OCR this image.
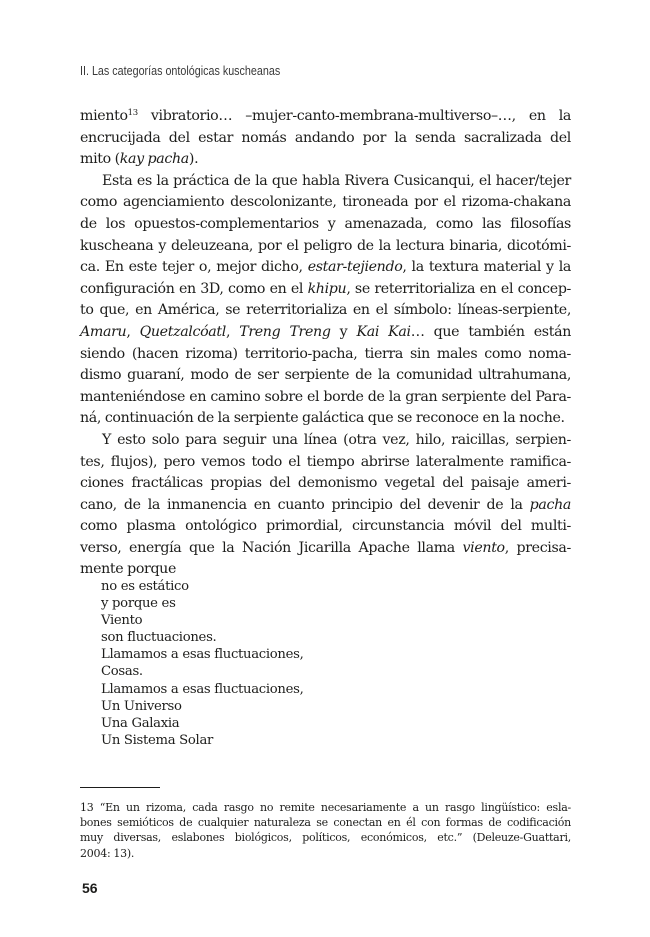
II. Las categorías ontológicas kuscheanas

miento$^{13}$ vibratorio… –mujer-canto-membrana-multiverso–…, en la
encrucijada del estar nomás andando por la senda sacralizada del
mito (kay pacha).

Esta es la práctica de la que habla Rivera Cusicanqui, el hacer/tejer
como agenciamiento descolonizante, tironeada por el rizoma-chakana
de los opuestos-complementarios y amenazada, como las filosofías
kuscheana y deleuzeana, por el peligro de la lectura binaria, dicotómi-
ca. En este tejer o, mejor dicho, estar-tejiendo, la textura material y la
configuración en 3D, como en el khipu, se reterritorializa en el concep-
to que, en América, se reterritorializa en el símbolo: líneas-serpiente,
Amaru, Quetzalcóatl, Treng Treng y Kai Kai… que también están
siendo (hacen rizoma) territorio-pacha, tierra sin males como noma-
dismo guaraní, modo de ser serpiente de la comunidad ultrahumana,
manteniéndose en camino sobre el borde de la gran serpiente del Para-
ná, continuación de la serpiente galáctica que se reconoce en la noche.

Y esto solo para seguir una línea (otra vez, hilo, raicillas, serpien-
tes, flujos), pero vemos todo el tiempo abrirse lateralmente ramifica-
ciones fractálicas propias del demonismo vegetal del paisaje ameri-
cano, de la inmanencia en cuanto principio del devenir de la pacha
como plasma ontológico primordial, circunstancia móvil del multi-
verso, energía que la Nación Jicarilla Apache llama viento, precisa-
mente porque

no es estático
y porque es
Viento
son fluctuaciones.
Llamamos a esas fluctuaciones,
Cosas.
Llamamos a esas fluctuaciones,
Un Universo
Una Galaxia
Un Sistema Solar
13 “En un rizoma, cada rasgo no remite necesariamente a un rasgo lingüístico: esla-
bones semióticos de cualquier naturaleza se conectan en él con formas de codificación
muy diversas, eslabones biológicos, políticos, económicos, etc.” (Deleuze-Guattari,
2004: 13).
56
